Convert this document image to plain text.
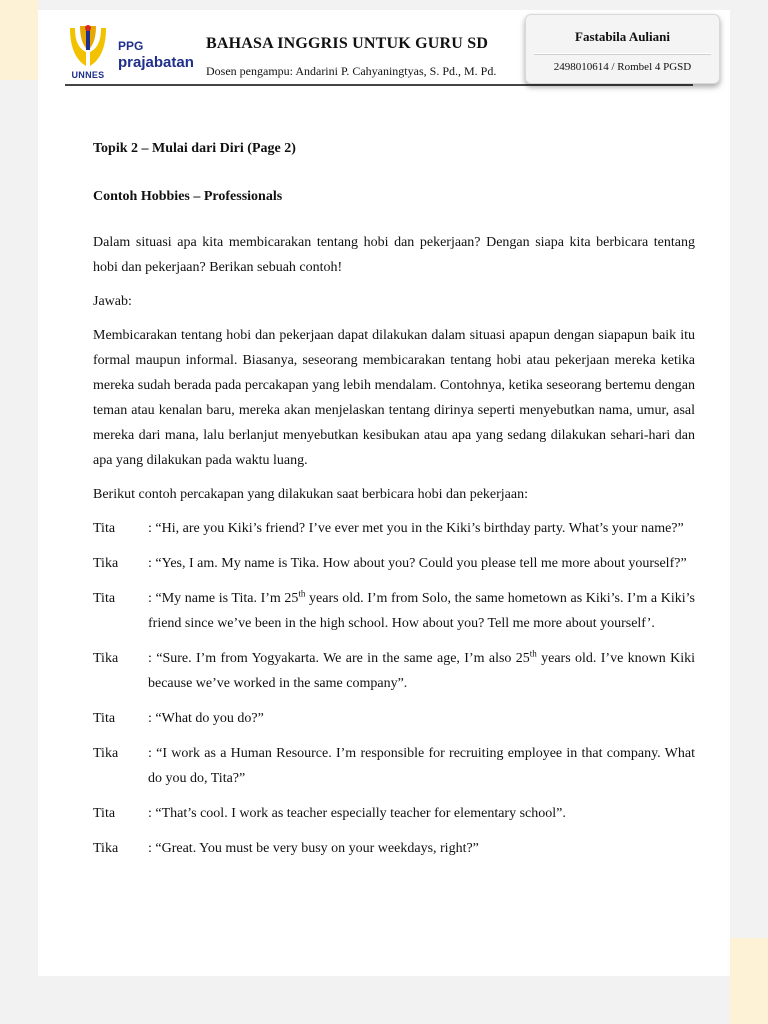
UNNES
PPG
prajabatan
BAHASA INGGRIS UNTUK GURU SD
Dosen pengampu: Andarini P. Cahyaningtyas, S. Pd., M. Pd.

Topik 2 – Mulai dari Diri (Page 2)

Contoh Hobbies – Professionals

Dalam situasi apa kita membicarakan tentang hobi dan pekerjaan? Dengan siapa kita berbicara tentang hobi dan pekerjaan? Berikan sebuah contoh!

Jawab:

Membicarakan tentang hobi dan pekerjaan dapat dilakukan dalam situasi apapun dengan siapapun baik itu formal maupun informal. Biasanya, seseorang membicarakan tentang hobi atau pekerjaan mereka ketika mereka sudah berada pada percakapan yang lebih mendalam. Contohnya, ketika seseorang bertemu dengan teman atau kenalan baru, mereka akan menjelaskan tentang dirinya seperti menyebutkan nama, umur, asal mereka dari mana, lalu berlanjut menyebutkan kesibukan atau apa yang sedang dilakukan sehari-hari dan apa yang dilakukan pada waktu luang.

Berikut contoh percakapan yang dilakukan saat berbicara hobi dan pekerjaan:

Tita	: “Hi, are you Kiki’s friend? I’ve ever met you in the Kiki’s birthday party. What’s your name?”
Tika	: “Yes, I am. My name is Tika. How about you? Could you please tell me more about yourself?”
Tita	: “My name is Tita. I’m 25th years old. I’m from Solo, the same hometown as Kiki’s. I’m a Kiki’s friend since we’ve been in the high school. How about you? Tell me more about yourself’.
Tika	: “Sure. I’m from Yogyakarta. We are in the same age, I’m also 25th years old. I’ve known Kiki because we’ve worked in the same company”.
Tita	: “What do you do?”
Tika	: “I work as a Human Resource. I’m responsible for recruiting employee in that company. What do you do, Tita?”
Tita	: “That’s cool. I work as teacher especially teacher for elementary school”.
Tika	: “Great. You must be very busy on your weekdays, right?”
Fastabila Auliani
2498010614 / Rombel 4 PGSD
